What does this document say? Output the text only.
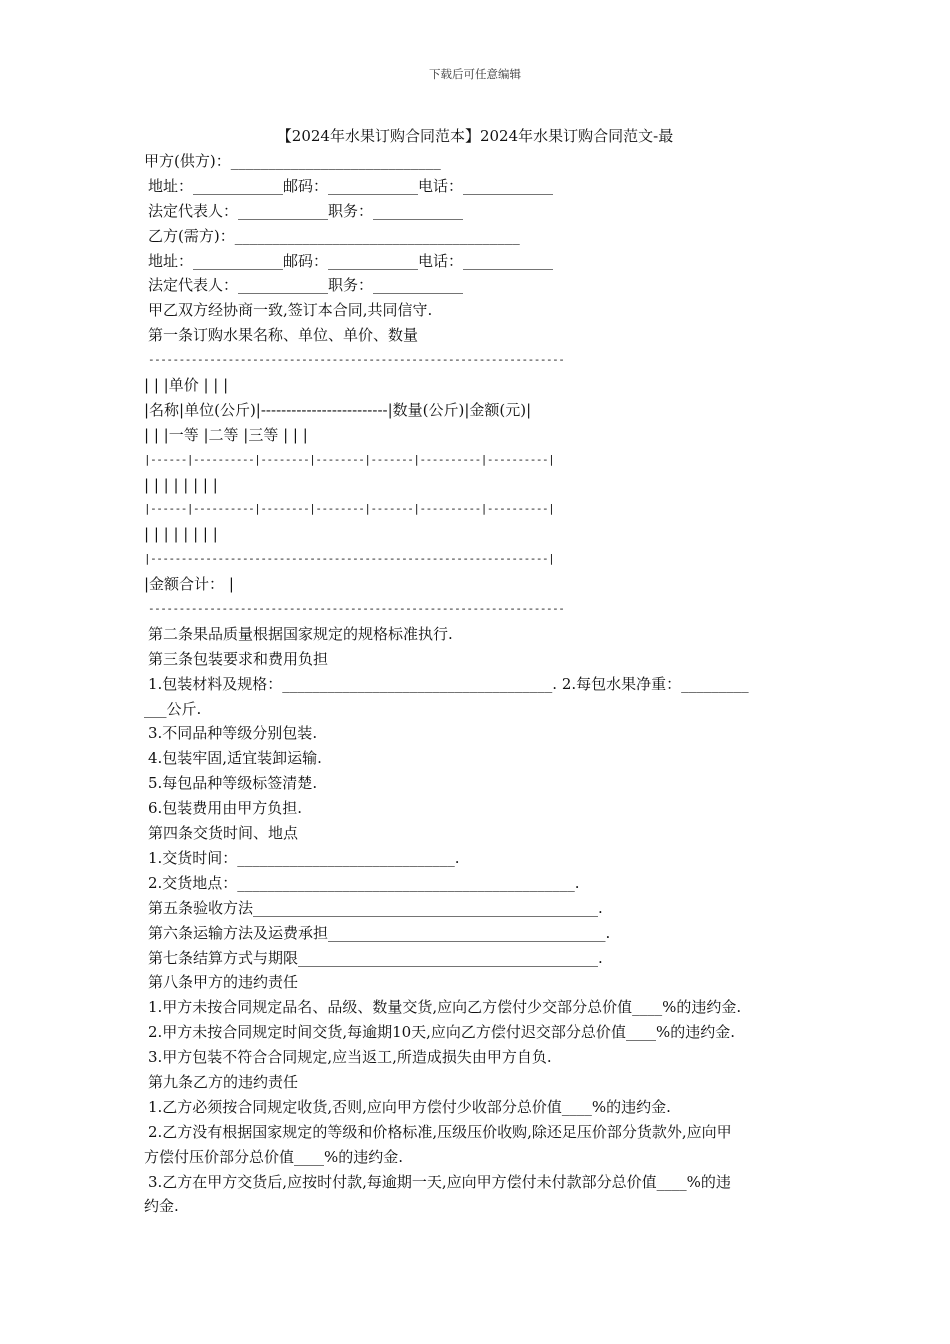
下载后可任意编辑
【2024年水果订购合同范本】2024年水果订购合同范文-最
甲方(供方)：____________________________
地址：____________邮码：____________电话：____________
法定代表人：____________职务：____________
乙方(需方)：______________________________________
地址：____________邮码：____________电话：____________
法定代表人：____________职务：____________
甲乙双方经协商一致,签订本合同,共同信守.
第一条订购水果名称、单位、单价、数量
--------------------------------------------------------------------
| | |单价 | | |
|名称|单位(公斤)|-------------------------|数量(公斤)|金额(元)|
| | |一等 |二等 |三等 | | |
|------|----------|--------|--------|-------|----------|----------|
| | | | | | | |
|------|----------|--------|--------|-------|----------|----------|
| | | | | | | |
|-----------------------------------------------------------------|
|金额合计： |
--------------------------------------------------------------------
第二条果品质量根据国家规定的规格标准执行.
第三条包装要求和费用负担
1.包装材料及规格：____________________________________. 2.每包水果净重：_________
___公斤.
3.不同品种等级分别包装.
4.包装牢固,适宜装卸运输.
5.每包品种等级标签清楚.
6.包装费用由甲方负担.
第四条交货时间、地点
1.交货时间：_____________________________.
2.交货地点：_____________________________________________.
第五条验收方法______________________________________________.
第六条运输方法及运费承担_____________________________________.
第七条结算方式与期限________________________________________.
第八条甲方的违约责任
1.甲方未按合同规定品名、品级、数量交货,应向乙方偿付少交部分总价值____%的违约金.
2.甲方未按合同规定时间交货,每逾期10天,应向乙方偿付迟交部分总价值____%的违约金.
3.甲方包装不符合合同规定,应当返工,所造成损失由甲方自负.
第九条乙方的违约责任
1.乙方必须按合同规定收货,否则,应向甲方偿付少收部分总价值____%的违约金.
2.乙方没有根据国家规定的等级和价格标准,压级压价收购,除还足压价部分货款外,应向甲
方偿付压价部分总价值____%的违约金.
3.乙方在甲方交货后,应按时付款,每逾期一天,应向甲方偿付未付款部分总价值____%的违
约金.
